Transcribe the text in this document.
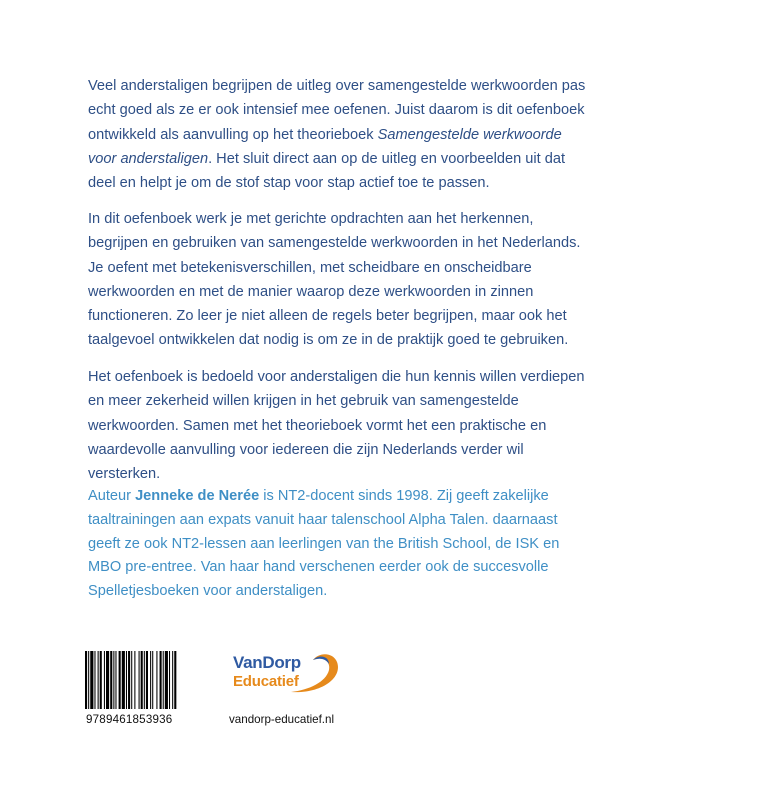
Veel anderstaligen begrijpen de uitleg over samengestelde werkwoorden pas echt goed als ze er ook intensief mee oefenen. Juist daarom is dit oefenboek ontwikkeld als aanvulling op het theorieboek Samengestelde werkwoorde voor anderstaligen. Het sluit direct aan op de uitleg en voorbeelden uit dat deel en helpt je om de stof stap voor stap actief toe te passen.

In dit oefenboek werk je met gerichte opdrachten aan het herkennen, begrijpen en gebruiken van samengestelde werkwoorden in het Nederlands. Je oefent met betekenisverschillen, met scheidbare en onscheidbare werkwoorden en met de manier waarop deze werkwoorden in zinnen functioneren. Zo leer je niet alleen de regels beter begrijpen, maar ook het taalgevoel ontwikkelen dat nodig is om ze in de praktijk goed te gebruiken.

Het oefenboek is bedoeld voor anderstaligen die hun kennis willen verdiepen en meer zekerheid willen krijgen in het gebruik van samengestelde werkwoorden. Samen met het theorieboek vormt het een praktische en waardevolle aanvulling voor iedereen die zijn Nederlands verder wil versterken.

Auteur Jenneke de Nerée is NT2-docent sinds 1998. Zij geeft zakelijke taaltrainingen aan expats vanuit haar talenschool Alpha Talen. daarnaast geeft ze ook NT2-lessen aan leerlingen van the British School, de ISK en MBO pre-entree. Van haar hand verschenen eerder ook de succesvolle Spelletjesboeken voor anderstaligen.

9789461853936
VanDorp
Educatief
vandorp-educatief.nl
